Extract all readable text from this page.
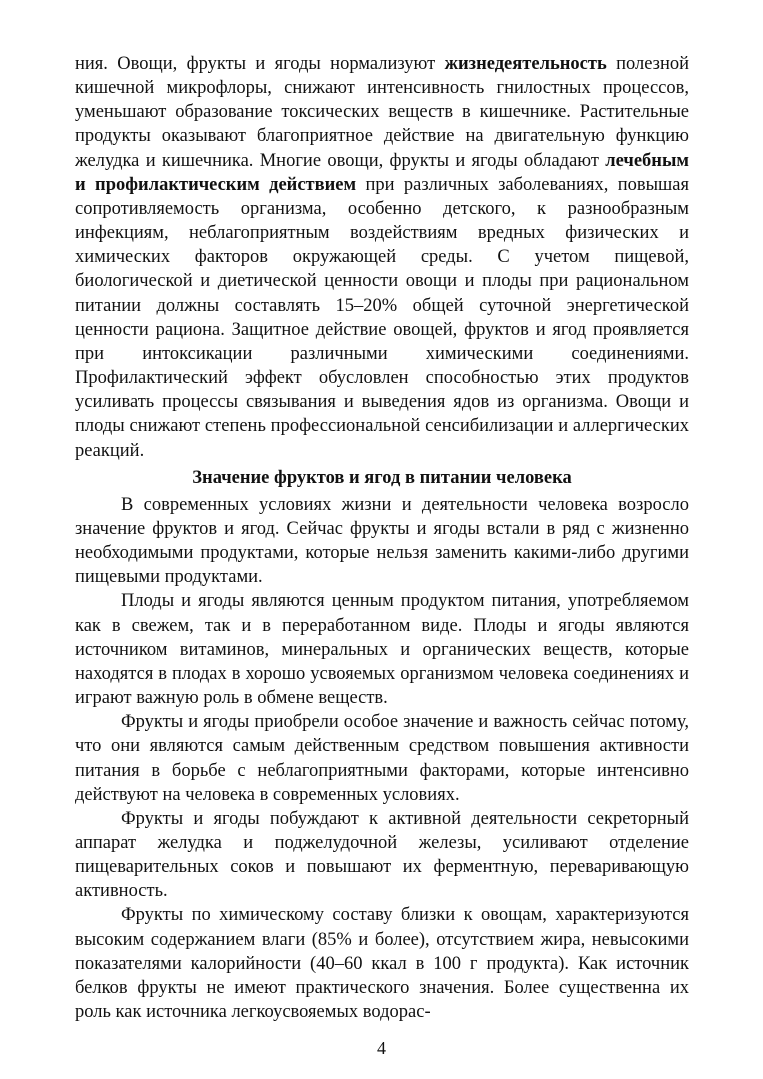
ния. Овощи, фрукты и ягоды нормализуют жизнедеятельность полезной кишечной микрофлоры, снижают интенсивность гнилостных процессов, уменьшают образование токсических веществ в кишечнике. Растительные продукты оказывают благоприятное действие на двигательную функцию желудка и кишечника. Многие овощи, фрукты и ягоды обладают лечебным и профилактическим действием при различных заболеваниях, повышая сопротивляемость организма, особенно детского, к разнообразным инфекциям, неблагоприятным воздействиям вредных физических и химических факторов окружающей среды. С учетом пищевой, биологической и диетической ценности овощи и плоды при рациональном питании должны составлять 15–20% общей суточной энергетической ценности рациона. Защитное действие овощей, фруктов и ягод проявляется при интоксикации различными химическими соединениями. Профилактический эффект обусловлен способностью этих продуктов усиливать процессы связывания и выведения ядов из организма. Овощи и плоды снижают степень профессиональной сенсибилизации и аллергических реакций.

Значение фруктов и ягод в питании человека

В современных условиях жизни и деятельности человека возросло значение фруктов и ягод. Сейчас фрукты и ягоды встали в ряд с жизненно необходимыми продуктами, которые нельзя заменить какими-либо другими пищевыми продуктами.

Плоды и ягоды являются ценным продуктом питания, употребляемом как в свежем, так и в переработанном виде. Плоды и ягоды являются источником витаминов, минеральных и органических веществ, которые находятся в плодах в хорошо усвояемых организмом человека соединениях и играют важную роль в обмене веществ.

Фрукты и ягоды приобрели особое значение и важность сейчас потому, что они являются самым действенным средством повышения активности питания в борьбе с неблагоприятными факторами, которые интенсивно действуют на человека в современных условиях.

Фрукты и ягоды побуждают к активной деятельности секреторный аппарат желудка и поджелудочной железы, усиливают отделение пищеварительных соков и повышают их ферментную, переваривающую активность.

Фрукты по химическому составу близки к овощам, характеризуются высоким содержанием влаги (85% и более), отсутствием жира, невысокими показателями калорийности (40–60 ккал в 100 г продукта). Как источник белков фрукты не имеют практического значения. Более существенна их роль как источника легкоусвояемых водорас-

4
